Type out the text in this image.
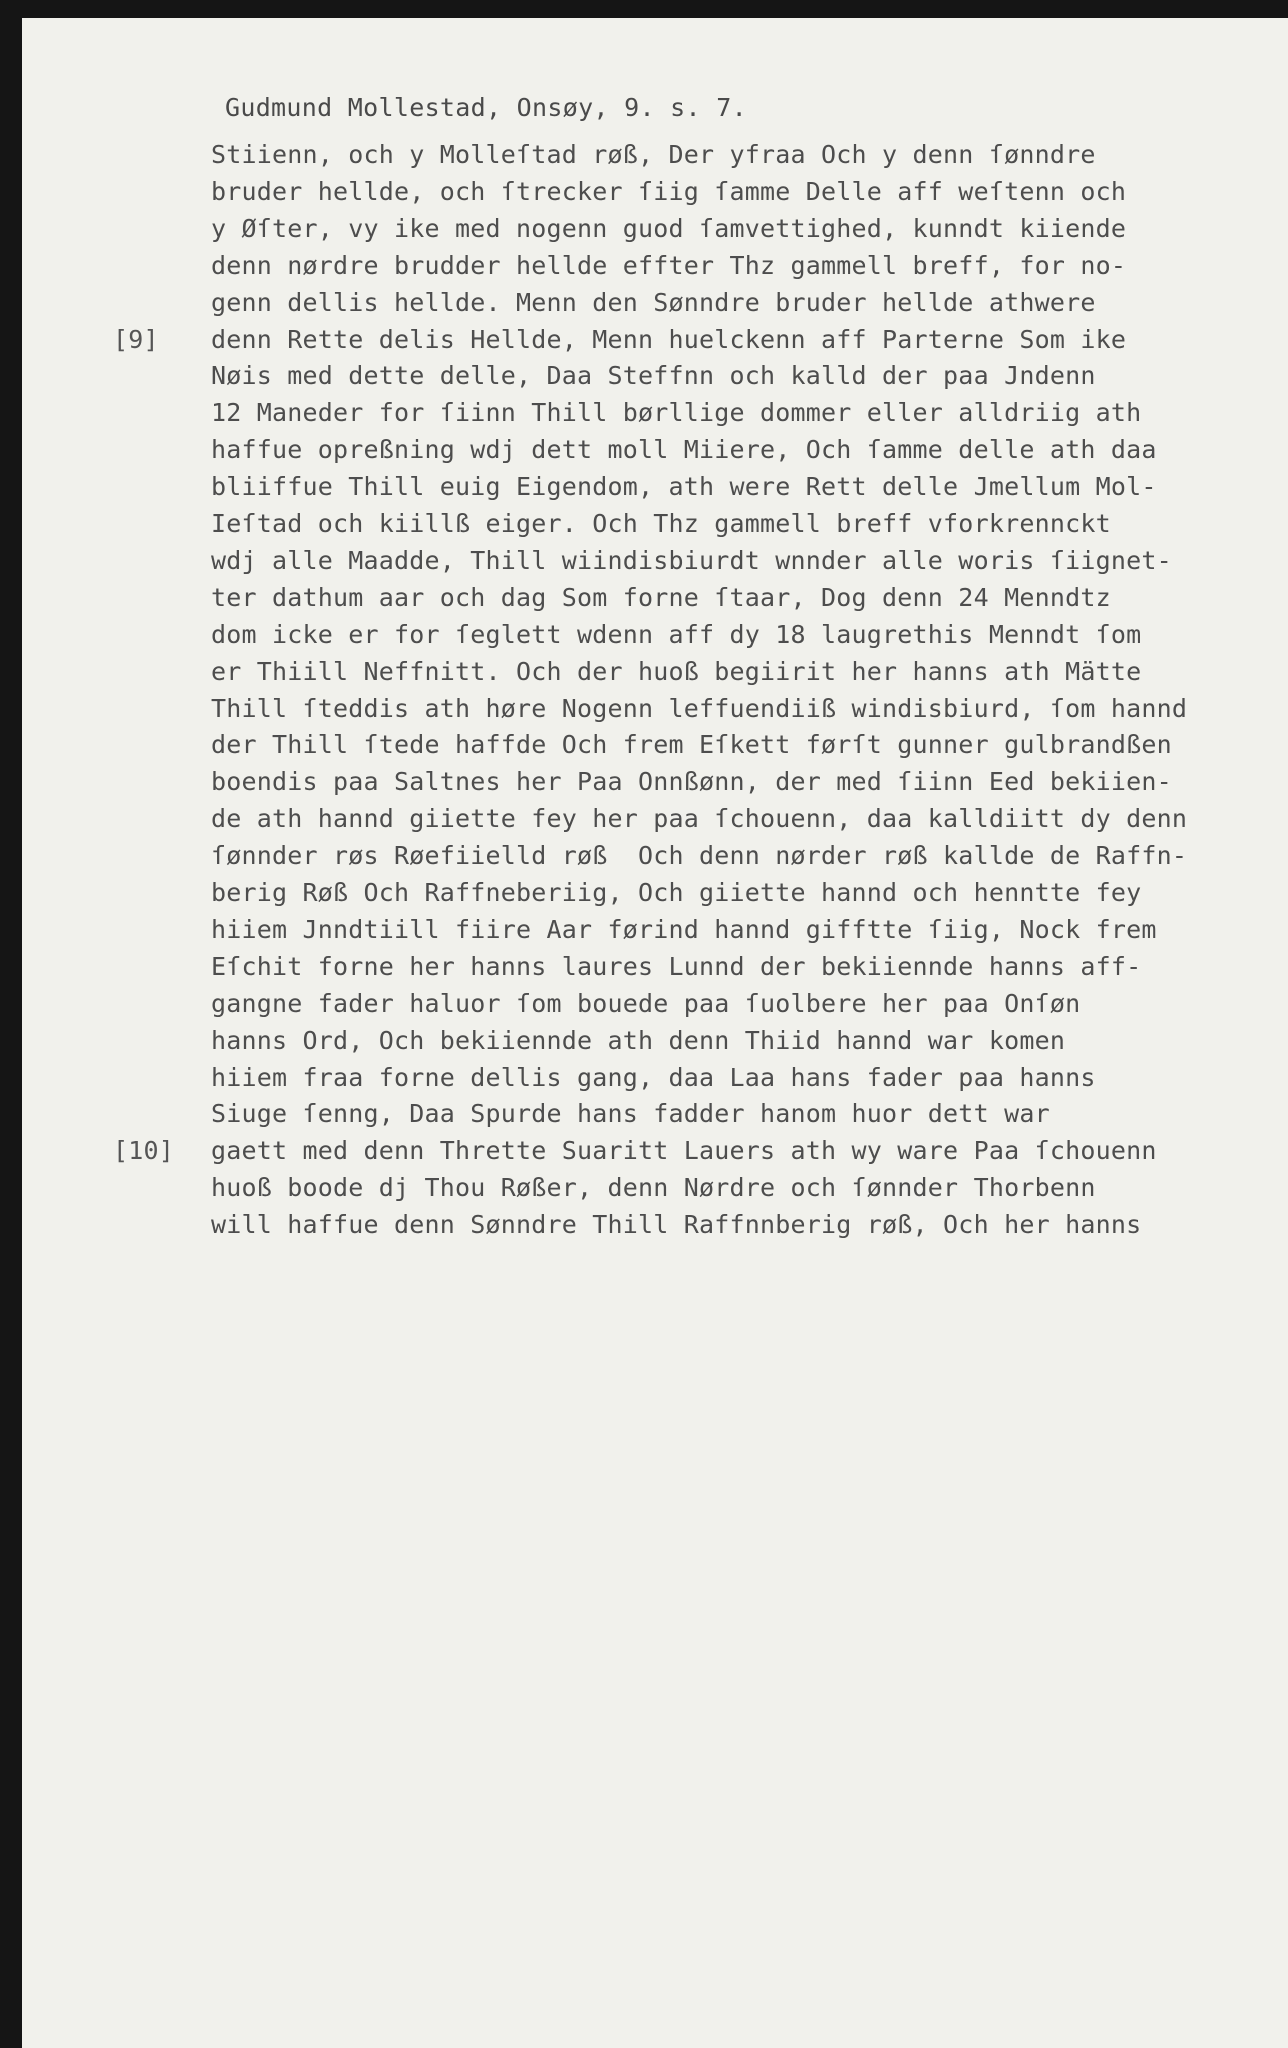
Gudmund Mollestad, Onsøy, 9. s. 7.
Stiienn, och y Molleſtad røß, Der yfraa Och y denn ſønndre
bruder hellde, och ſtrecker ſiig ſamme Delle aff weſtenn och
y Øſter, vy ike med nogenn guod ſamvettighed, kunndt kiiende
denn nørdre brudder hellde effter Thz gammell breff, for no-
genn dellis hellde. Menn den Sønndre bruder hellde athwere
[9] denn Rette delis Hellde, Menn huelckenn aff Parterne Som ike
Nøis med dette delle, Daa Steffnn och kalld der paa Jndenn
12 Maneder for ſiinn Thill børllige dommer eller alldriig ath
haffue opreßning wdj dett moll Miiere, Och ſamme delle ath daa
bliiffue Thill euig Eigendom, ath were Rett delle Jmellum Mol-
Ieſtad och kiillß eiger. Och Thz gammell breff vforkrennckt
wdj alle Maadde, Thill wiindisbiurdt wnnder alle woris ſiignet-
ter dathum aar och dag Som forne ſtaar, Dog denn 24 Menndtz
dom icke er for ſeglett wdenn aff dy 18 laugrethis Menndt ſom
er Thiill Neffnitt. Och der huoß begiirit her hanns ath Mätte
Thill ſteddis ath høre Nogenn leffuendiiß windisbiurd, ſom hannd
der Thill ſtede haffde Och frem Eſkett førſt gunner gulbrandßen
boendis paa Saltnes her Paa Onnßønn, der med ſiinn Eed bekiien-
de ath hannd giiette fey her paa ſchouenn, daa kalldiitt dy denn
ſønnder røs Røefiielld røß  Och denn nørder røß kallde de Raffn-
berig Røß Och Raffneberiig, Och giiette hannd och henntte fey
hiiem Jnndtiill fiire Aar førind hannd gifftte ſiig, Nock frem
Eſchit forne her hanns laures Lunnd der bekiiennde hanns aff-
gangne fader haluor ſom bouede paa ſuolbere her paa Onſøn
hanns Ord, Och bekiiennde ath denn Thiid hannd war komen
hiiem fraa forne dellis gang, daa Laa hans fader paa hanns
Siuge ſenng, Daa Spurde hans fadder hanom huor dett war
[10] gaett med denn Thrette Suaritt Lauers ath wy ware Paa ſchouenn
huoß boode dj Thou Røßer, denn Nørdre och ſønnder Thorbenn
will haffue denn Sønndre Thill Raffnnberig røß, Och her hanns
